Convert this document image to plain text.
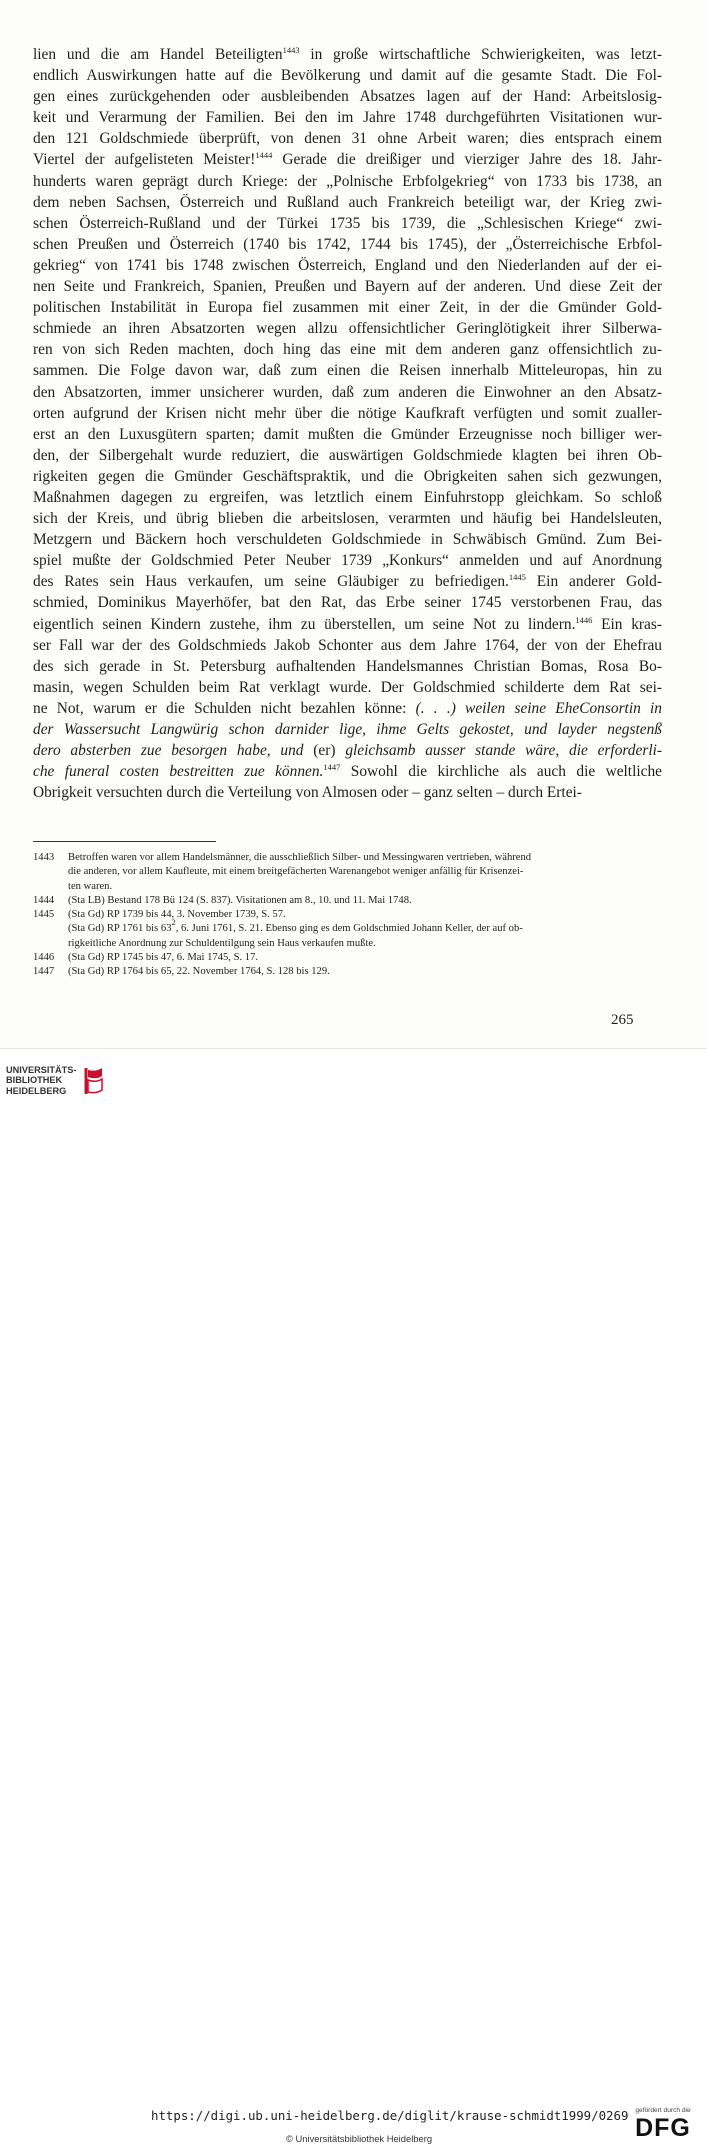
lien und die am Handel Beteiligten$^{1443}$ in große wirtschaftliche Schwierigkeiten, was letzt-
endlich Auswirkungen hatte auf die Bevölkerung und damit auf die gesamte Stadt. Die Fol-
gen eines zurückgehenden oder ausbleibenden Absatzes lagen auf der Hand: Arbeitslosig-
keit und Verarmung der Familien. Bei den im Jahre 1748 durchgeführten Visitationen wur-
den 121 Goldschmiede überprüft, von denen 31 ohne Arbeit waren; dies entsprach einem
Viertel der aufgelisteten Meister!$^{1444}$ Gerade die dreißiger und vierziger Jahre des 18. Jahr-
hunderts waren geprägt durch Kriege: der „Polnische Erbfolgekrieg“ von 1733 bis 1738, an
dem neben Sachsen, Österreich und Rußland auch Frankreich beteiligt war, der Krieg zwi-
schen Österreich-Rußland und der Türkei 1735 bis 1739, die „Schlesischen Kriege“ zwi-
schen Preußen und Österreich (1740 bis 1742, 1744 bis 1745), der „Österreichische Erbfol-
gekrieg“ von 1741 bis 1748 zwischen Österreich, England und den Niederlanden auf der ei-
nen Seite und Frankreich, Spanien, Preußen und Bayern auf der anderen. Und diese Zeit der
politischen Instabilität in Europa fiel zusammen mit einer Zeit, in der die Gmünder Gold-
schmiede an ihren Absatzorten wegen allzu offensichtlicher Geringlötigkeit ihrer Silberwa-
ren von sich Reden machten, doch hing das eine mit dem anderen ganz offensichtlich zu-
sammen. Die Folge davon war, daß zum einen die Reisen innerhalb Mitteleuropas, hin zu
den Absatzorten, immer unsicherer wurden, daß zum anderen die Einwohner an den Absatz-
orten aufgrund der Krisen nicht mehr über die nötige Kaufkraft verfügten und somit zualler-
erst an den Luxusgütern sparten; damit mußten die Gmünder Erzeugnisse noch billiger wer-
den, der Silbergehalt wurde reduziert, die auswärtigen Goldschmiede klagten bei ihren Ob-
rigkeiten gegen die Gmünder Geschäftspraktik, und die Obrigkeiten sahen sich gezwungen,
Maßnahmen dagegen zu ergreifen, was letztlich einem Einfuhrstopp gleichkam. So schloß
sich der Kreis, und übrig blieben die arbeitslosen, verarmten und häufig bei Handelsleuten,
Metzgern und Bäckern hoch verschuldeten Goldschmiede in Schwäbisch Gmünd. Zum Bei-
spiel mußte der Goldschmied Peter Neuber 1739 „Konkurs“ anmelden und auf Anordnung
des Rates sein Haus verkaufen, um seine Gläubiger zu befriedigen.$^{1445}$ Ein anderer Gold-
schmied, Dominikus Mayerhöfer, bat den Rat, das Erbe seiner 1745 verstorbenen Frau, das
eigentlich seinen Kindern zustehe, ihm zu überstellen, um seine Not zu lindern.$^{1446}$ Ein kras-
ser Fall war der des Goldschmieds Jakob Schonter aus dem Jahre 1764, der von der Ehefrau
des sich gerade in St. Petersburg aufhaltenden Handelsmannes Christian Bomas, Rosa Bo-
masin, wegen Schulden beim Rat verklagt wurde. Der Goldschmied schilderte dem Rat sei-
ne Not, warum er die Schulden nicht bezahlen könne: (. . .) weilen seine EheConsortin in
der Wassersucht Langwürig schon darnider lige, ihme Gelts gekostet, und layder negstenß
dero absterben zue besorgen habe, und (er) gleichsamb ausser stande wäre, die erforderli-
che funeral costen bestreitten zue können.$^{1447}$ Sowohl die kirchliche als auch die weltliche
Obrigkeit versuchten durch die Verteilung von Almosen oder – ganz selten – durch Ertei-
1443	Betroffen waren vor allem Handelsmänner, die ausschließlich Silber- und Messingwaren vertrieben, während
die anderen, vor allem Kaufleute, mit einem breitgefächerten Warenangebot weniger anfällig für Krisenzei-
ten waren.
1444	(Sta LB) Bestand 178 Bü 124 (S. 837). Visitationen am 8., 10. und 11. Mai 1748.
1445	(Sta Gd) RP 1739 bis 44, 3. November 1739, S. 57.
(Sta Gd) RP 1761 bis 63$^2$, 6. Juni 1761, S. 21. Ebenso ging es dem Goldschmied Johann Keller, der auf ob-
rigkeitliche Anordnung zur Schuldentilgung sein Haus verkaufen mußte.
1446	(Sta Gd) RP 1745 bis 47, 6. Mai 1745, S. 17.
1447	(Sta Gd) RP 1764 bis 65, 22. November 1764, S. 128 bis 129.
265
UNIVERSITÄTS-
BIBLIOTHEK
HEIDELBERG
https://digi.ub.uni-heidelberg.de/diglit/krause-schmidt1999/0269
© Universitätsbibliothek Heidelberg
gefördert durch die
DFG
